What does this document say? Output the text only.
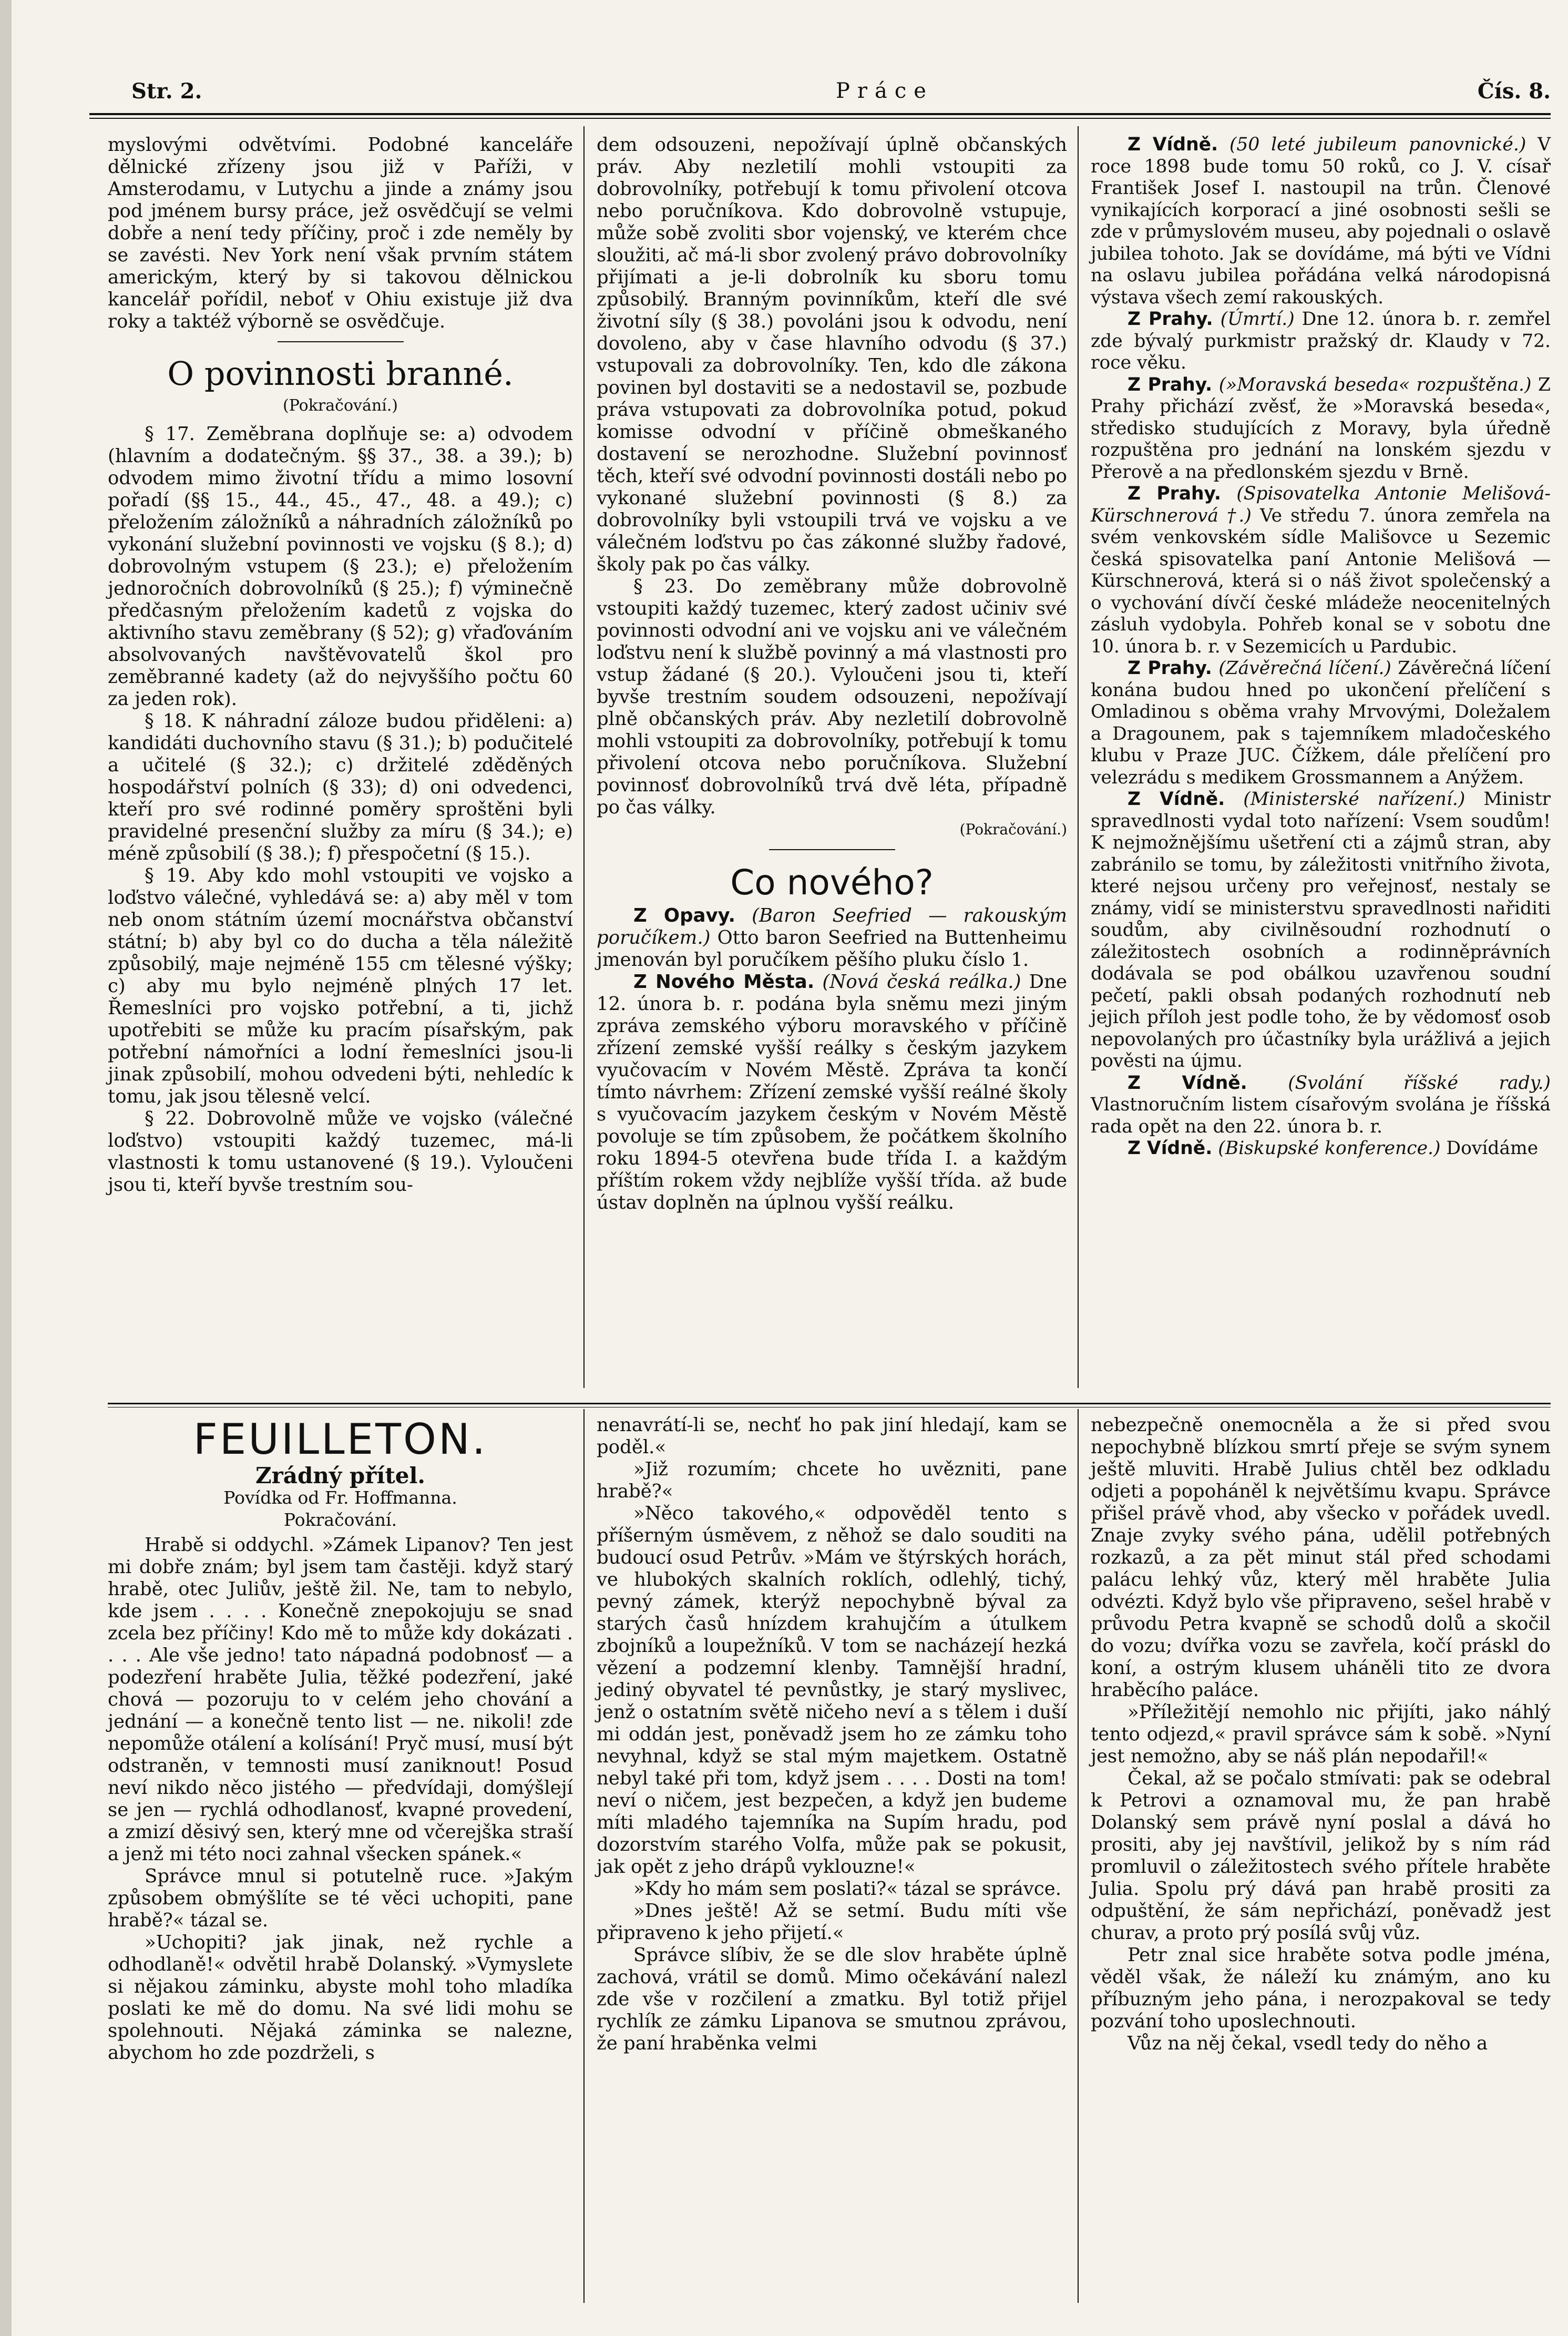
Str. 2.	Práce	Čís. 8.

myslovými odvětvími. Podobné kanceláře dělnické zřízeny jsou již v Paříži, v Amsterodamu, v Lutychu a jinde a známy jsou pod jménem bursy práce, jež osvědčují se velmi dobře a není tedy příčiny, proč i zde neměly by se zavésti. Nev York není však prvním státem americkým, který by si takovou dělnickou kancelář pořídil, neboť v Ohiu existuje již dva roky a taktéž výborně se osvědčuje.

O povinnosti branné.

(Pokračování.)

§ 17. Zeměbrana doplňuje se: a) odvodem (hlavním a dodatečným. §§ 37., 38. a 39.); b) odvodem mimo životní třídu a mimo losovní pořadí (§§ 15., 44., 45., 47., 48. a 49.); c) přeložením záložníků a náhradních záložníků po vykonání služební povinnosti ve vojsku (§ 8.); d) dobrovolným vstupem (§ 23.); e) přeložením jednoročních dobrovolníků (§ 25.); f) výminečně předčasným přeložením kadetů z vojska do aktivního stavu zeměbrany (§ 52); g) vřaďováním absolvovaných navštěvovatelů škol pro zeměbranné kadety (až do nejvyššího počtu 60 za jeden rok).

§ 18. K náhradní záloze budou přiděleni: a) kandidáti duchovního stavu (§ 31.); b) podučitelé a učitelé (§ 32.); c) držitelé zděděných hospodářství polních (§ 33); d) oni odvedenci, kteří pro své rodinné poměry sproštěni byli pravidelné presenční služby za míru (§ 34.); e) méně způsobilí (§ 38.); f) přespočetní (§ 15.).

§ 19. Aby kdo mohl vstoupiti ve vojsko a loďstvo válečné, vyhledává se: a) aby měl v tom neb onom státním území mocnářstva občanství státní; b) aby byl co do ducha a těla náležitě způsobilý, maje nejméně 155 cm tělesné výšky; c) aby mu bylo nejméně plných 17 let. Řemeslníci pro vojsko potřební, a ti, jichž upotřebiti se může ku pracím písařským, pak potřební námořníci a lodní řemeslníci jsou-li jinak způsobilí, mohou odvedeni býti, nehledíc k tomu, jak jsou tělesně velcí.

§ 22. Dobrovolně může ve vojsko (válečné loďstvo) vstoupiti každý tuzemec, má-li vlastnosti k tomu ustanovené (§ 19.). Vyloučeni jsou ti, kteří byvše trestním sou-

dem odsouzeni, nepožívají úplně občanských práv. Aby nezletilí mohli vstoupiti za dobrovolníky, potřebují k tomu přivolení otcova nebo poručníkova. Kdo dobrovolně vstupuje, může sobě zvoliti sbor vojenský, ve kterém chce sloužiti, ač má-li sbor zvolený právo dobrovolníky přijímati a je-li dobrolník ku sboru tomu způsobilý. Branným povinníkům, kteří dle své životní síly (§ 38.) povoláni jsou k odvodu, není dovoleno, aby v čase hlavního odvodu (§ 37.) vstupovali za dobrovolníky. Ten, kdo dle zákona povinen byl dostaviti se a nedostavil se, pozbude práva vstupovati za dobrovolníka potud, pokud komisse odvodní v příčině obmeškaného dostavení se nerozhodne. Služební povinnosť těch, kteří své odvodní povinnosti dostáli nebo po vykonané služební povinnosti (§ 8.) za dobrovolníky byli vstoupili trvá ve vojsku a ve válečném loďstvu po čas zákonné služby řadové, školy pak po čas války.

§ 23. Do zeměbrany může dobrovolně vstoupiti každý tuzemec, který zadost učiniv své povinnosti odvodní ani ve vojsku ani ve válečném loďstvu není k službě povinný a má vlastnosti pro vstup žádané (§ 20.). Vyloučeni jsou ti, kteří byvše trestním soudem odsouzeni, nepožívají plně občanských práv. Aby nezletilí dobrovolně mohli vstoupiti za dobrovolníky, potřebují k tomu přivolení otcova nebo poručníkova. Služební povinnosť dobrovolníků trvá dvě léta, případně po čas války.

(Pokračování.)

Co nového?

Z Opavy. (Baron Seefried — rakouským poručíkem.) Otto baron Seefried na Buttenheimu jmenován byl poručíkem pěšího pluku číslo 1.

Z Nového Města. (Nová česká reálka.) Dne 12. února b. r. podána byla sněmu mezi jiným zpráva zemského výboru moravského v příčině zřízení zemské vyšší reálky s českým jazykem vyučovacím v Novém Městě. Zpráva ta končí tímto návrhem: Zřízení zemské vyšší reálné školy s vyučovacím jazykem českým v Novém Městě povoluje se tím způsobem, že počátkem školního roku 1894-5 otevřena bude třída I. a každým příštím rokem vždy nejblíže vyšší třída. až bude ústav doplněn na úplnou vyšší reálku.

Z Vídně. (50 leté jubileum panovnické.) V roce 1898 bude tomu 50 roků, co J. V. císař František Josef I. nastoupil na trůn. Členové vynikajících korporací a jiné osobnosti sešli se zde v průmyslovém museu, aby pojednali o oslavě jubilea tohoto. Jak se dovídáme, má býti ve Vídni na oslavu jubilea pořádána velká národopisná výstava všech zemí rakouských.

Z Prahy. (Úmrtí.) Dne 12. února b. r. zemřel zde bývalý purkmistr pražský dr. Klaudy v 72. roce věku.

Z Prahy. (»Moravská beseda« rozpuštěna.) Z Prahy přichází zvěsť, že »Moravská beseda«, středisko studujících z Moravy, byla úředně rozpuštěna pro jednání na lonském sjezdu v Přerově a na předlonském sjezdu v Brně.

Z Prahy. (Spisovatelka Antonie Melišová-Kürschnerová †.) Ve středu 7. února zemřela na svém venkovském sídle Mališovce u Sezemic česká spisovatelka paní Antonie Melišová — Kürschnerová, která si o náš život společenský a o vychování dívčí české mládeže neocenitelných zásluh vydobyla. Pohřeb konal se v sobotu dne 10. února b. r. v Sezemicích u Pardubic.

Z Prahy. (Závěrečná líčení.) Závěrečná líčení konána budou hned po ukončení přelíčení s Omladinou s oběma vrahy Mrvovými, Doležalem a Dragounem, pak s tajemníkem mladočeského klubu v Praze JUC. Čížkem, dále přelíčení pro velezrádu s medikem Grossmannem a Anýžem.

Z Vídně. (Ministerské nařízení.) Ministr spravedlnosti vydal toto nařízení: Vsem soudům! K nejmožnějšímu ušetření cti a zájmů stran, aby zabránilo se tomu, by záležitosti vnitřního života, které nejsou určeny pro veřejnosť, nestaly se známy, vidí se ministerstvu spravedlnosti nařiditi soudům, aby civilněsoudní rozhodnutí o záležitostech osobních a rodinněprávních dodávala se pod obálkou uzavřenou soudní pečetí, pakli obsah podaných rozhodnutí neb jejich příloh jest podle toho, že by vědomosť osob nepovolaných pro účastníky byla urážlivá a jejich pověsti na újmu.

Z Vídně. (Svolání říšské rady.) Vlastnoručním listem císařovým svolána je říšská rada opět na den 22. února b. r.

Z Vídně. (Biskupské konference.) Dovídáme

FEUILLETON.

Zrádný přítel.

Povídka od Fr. Hoffmanna.

Pokračování.

Hrabě si oddychl. »Zámek Lipanov? Ten jest mi dobře znám; byl jsem tam častěji. když starý hrabě, otec Juliův, ještě žil. Ne, tam to nebylo, kde jsem . . . . Konečně znepokojuju se snad zcela bez příčiny! Kdo mě to může kdy dokázati . . . . Ale vše jedno! tato nápadná podobnosť — a podezření hraběte Julia, těžké podezření, jaké chová — pozoruju to v celém jeho chování a jednání — a konečně tento list — ne. nikoli! zde nepomůže otálení a kolísání! Pryč musí, musí být odstraněn, v temnosti musí zaniknout! Posud neví nikdo něco jistého — předvídaji, domýšlejí se jen — rychlá odhodlanosť, kvapné provedení, a zmizí děsivý sen, který mne od včerejška straší a jenž mi této noci zahnal všecken spánek.«

Správce mnul si potutelně ruce. »Jakým způsobem obmýšlíte se té věci uchopiti, pane hrabě?« tázal se.

»Uchopiti? jak jinak, než rychle a odhodlaně!« odvětil hrabě Dolanský. »Vymyslete si nějakou záminku, abyste mohl toho mladíka poslati ke mě do domu. Na své lidi mohu se spolehnouti. Nějaká záminka se nalezne, abychom ho zde pozdrželi, s

nenavrátí-li se, nechť ho pak jiní hledají, kam se poděl.«

»Již rozumím; chcete ho uvězniti, pane hrabě?«

»Něco takového,« odpověděl tento s příšerným úsměvem, z něhož se dalo souditi na budoucí osud Petrův. »Mám ve štýrských horách, ve hlubokých skalních roklích, odlehlý, tichý, pevný zámek, kterýž nepochybně býval za starých časů hnízdem krahujčím a útulkem zbojníků a loupežníků. V tom se nacházejí hezká vězení a podzemní klenby. Tamnější hradní, jediný obyvatel té pevnůstky, je starý myslivec, jenž o ostatním světě ničeho neví a s tělem i duší mi oddán jest, poněvadž jsem ho ze zámku toho nevyhnal, když se stal mým majetkem. Ostatně nebyl také při tom, když jsem . . . . Dosti na tom! neví o ničem, jest bezpečen, a když jen budeme míti mladého tajemníka na Supím hradu, pod dozorstvím starého Volfa, může pak se pokusit, jak opět z jeho drápů vyklouzne!«

»Kdy ho mám sem poslati?« tázal se správce.

»Dnes ještě! Až se setmí. Budu míti vše připraveno k jeho přijetí.«

Správce slíbiv, že se dle slov hraběte úplně zachová, vrátil se domů. Mimo očekávání nalezl zde vše v rozčilení a zmatku. Byl totiž přijel rychlík ze zámku Lipanova se smutnou zprávou, že paní hraběnka velmi

nebezpečně onemocněla a že si před svou nepochybně blízkou smrtí přeje se svým synem ještě mluviti. Hrabě Julius chtěl bez odkladu odjeti a popoháněl k největšímu kvapu. Správce přišel právě vhod, aby všecko v pořádek uvedl. Znaje zvyky svého pána, udělil potřebných rozkazů, a za pět minut stál před schodami palácu lehký vůz, který měl hraběte Julia odvézti. Když bylo vše připraveno, sešel hrabě v průvodu Petra kvapně se schodů dolů a skočil do vozu; dvířka vozu se zavřela, kočí práskl do koní, a ostrým klusem uháněli tito ze dvora hraběcího paláce.

»Příležitějí nemohlo nic přijíti, jako náhlý tento odjezd,« pravil správce sám k sobě. »Nyní jest nemožno, aby se náš plán nepodařil!«

Čekal, až se počalo stmívati: pak se odebral k Petrovi a oznamoval mu, že pan hrabě Dolanský sem právě nyní poslal a dává ho prositi, aby jej navštívil, jelikož by s ním rád promluvil o záležitostech svého přítele hraběte Julia. Spolu prý dává pan hrabě prositi za odpuštění, že sám nepřichází, poněvadž jest churav, a proto prý posílá svůj vůz.

Petr znal sice hraběte sotva podle jména, věděl však, že náleží ku známým, ano ku příbuzným jeho pána, i nerozpakoval se tedy pozvání toho uposlechnouti.

Vůz na něj čekal, vsedl tedy do něho a
